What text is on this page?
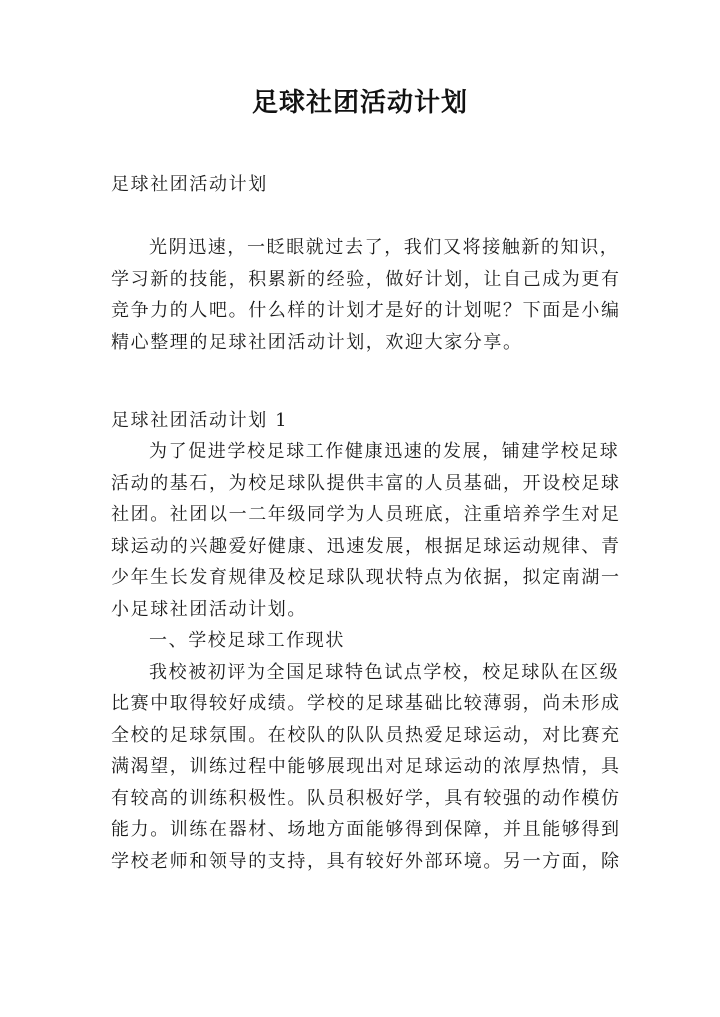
足球社团活动计划
足球社团活动计划
光阴迅速，一眨眼就过去了，我们又将接触新的知识，
学习新的技能，积累新的经验，做好计划，让自己成为更有
竞争力的人吧。什么样的计划才是好的计划呢？下面是小编
精心整理的足球社团活动计划，欢迎大家分享。
足球社团活动计划 1
为了促进学校足球工作健康迅速的发展，铺建学校足球
活动的基石，为校足球队提供丰富的人员基础，开设校足球
社团。社团以一二年级同学为人员班底，注重培养学生对足
球运动的兴趣爱好健康、迅速发展，根据足球运动规律、青
少年生长发育规律及校足球队现状特点为依据，拟定南湖一
小足球社团活动计划。
一、学校足球工作现状
我校被初评为全国足球特色试点学校，校足球队在区级
比赛中取得较好成绩。学校的足球基础比较薄弱，尚未形成
全校的足球氛围。在校队的队队员热爱足球运动，对比赛充
满渴望，训练过程中能够展现出对足球运动的浓厚热情，具
有较高的训练积极性。队员积极好学，具有较强的动作模仿
能力。训练在器材、场地方面能够得到保障，并且能够得到
学校老师和领导的支持，具有较好外部环境。另一方面，除
